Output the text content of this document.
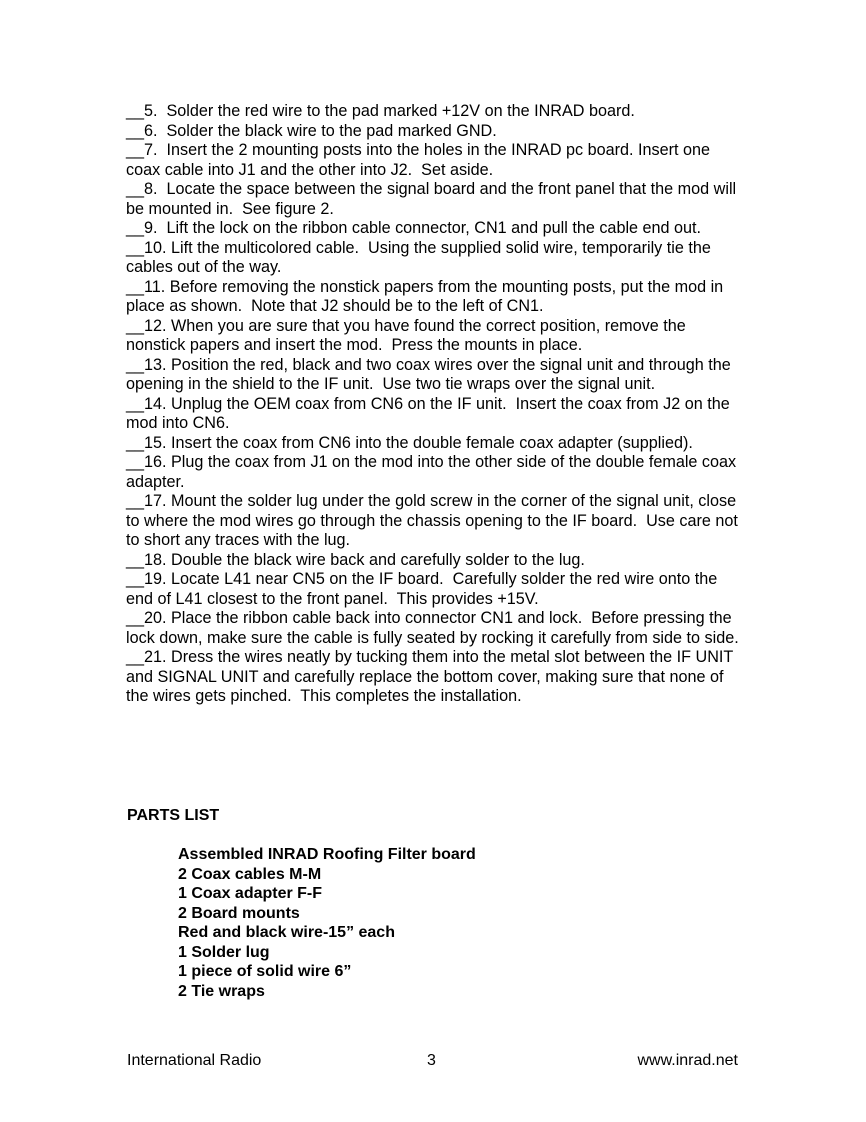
__5.  Solder the red wire to the pad marked +12V on the INRAD board.

__6.  Solder the black wire to the pad marked GND.

__7.  Insert the 2 mounting posts into the holes in the INRAD pc board. Insert one coax cable into J1 and the other into J2.  Set aside.

__8.  Locate the space between the signal board and the front panel that the mod will be mounted in.  See figure 2.

__9.  Lift the lock on the ribbon cable connector, CN1 and pull the cable end out.

__10. Lift the multicolored cable.  Using the supplied solid wire, temporarily tie the cables out of the way.

__11. Before removing the nonstick papers from the mounting posts, put the mod in place as shown.  Note that J2 should be to the left of CN1.

__12. When you are sure that you have found the correct position, remove the nonstick papers and insert the mod.  Press the mounts in place.

__13. Position the red, black and two coax wires over the signal unit and through the opening in the shield to the IF unit.  Use two tie wraps over the signal unit.

__14. Unplug the OEM coax from CN6 on the IF unit.  Insert the coax from J2 on the mod into CN6.

__15. Insert the coax from CN6 into the double female coax adapter (supplied).

__16. Plug the coax from J1 on the mod into the other side of the double female coax adapter.

__17. Mount the solder lug under the gold screw in the corner of the signal unit, close to where the mod wires go through the chassis opening to the IF board.  Use care not to short any traces with the lug.

__18. Double the black wire back and carefully solder to the lug.

__19. Locate L41 near CN5 on the IF board.  Carefully solder the red wire onto the end of L41 closest to the front panel.  This provides +15V.

__20. Place the ribbon cable back into connector CN1 and lock.  Before pressing the lock down, make sure the cable is fully seated by rocking it carefully from side to side.

__21. Dress the wires neatly by tucking them into the metal slot between the IF UNIT and SIGNAL UNIT and carefully replace the bottom cover, making sure that none of the wires gets pinched.  This completes the installation.

PARTS LIST

Assembled INRAD Roofing Filter board

2 Coax cables M-M

1 Coax adapter F-F

2 Board mounts

Red and black wire-15” each

1 Solder lug

1 piece of solid wire 6”

2 Tie wraps

International Radio	3	www.inrad.net
